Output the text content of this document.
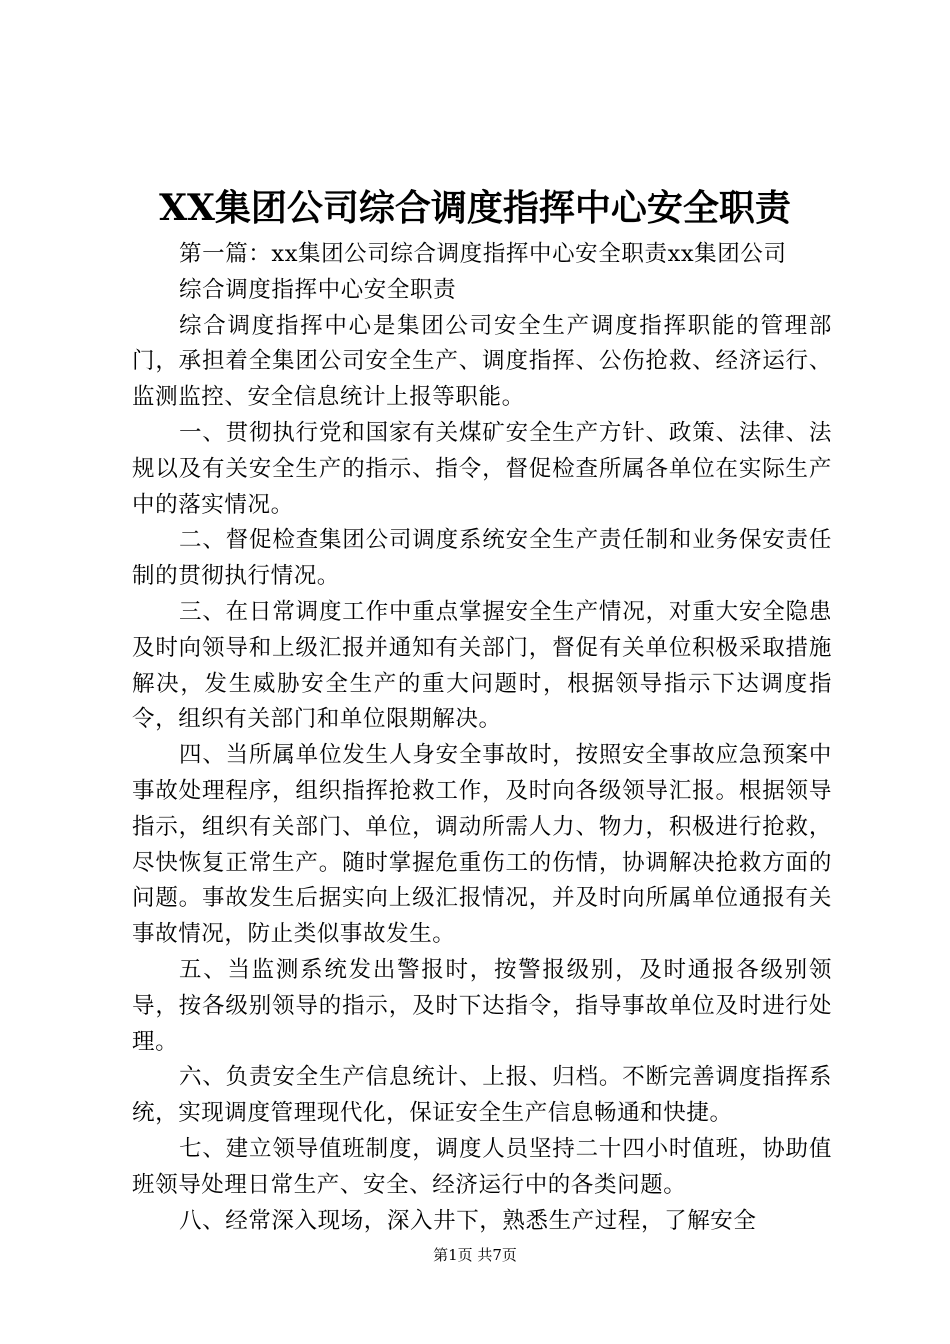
XX集团公司综合调度指挥中心安全职责

第一篇：xx集团公司综合调度指挥中心安全职责xx集团公司

综合调度指挥中心安全职责

综合调度指挥中心是集团公司安全生产调度指挥职能的管理部门，承担着全集团公司安全生产、调度指挥、公伤抢救、经济运行、监测监控、安全信息统计上报等职能。

一、贯彻执行党和国家有关煤矿安全生产方针、政策、法律、法规以及有关安全生产的指示、指令，督促检查所属各单位在实际生产中的落实情况。

二、督促检查集团公司调度系统安全生产责任制和业务保安责任制的贯彻执行情况。

三、在日常调度工作中重点掌握安全生产情况，对重大安全隐患及时向领导和上级汇报并通知有关部门，督促有关单位积极采取措施解决，发生威胁安全生产的重大问题时，根据领导指示下达调度指令，组织有关部门和单位限期解决。

四、当所属单位发生人身安全事故时，按照安全事故应急预案中事故处理程序，组织指挥抢救工作，及时向各级领导汇报。根据领导指示，组织有关部门、单位，调动所需人力、物力，积极进行抢救，尽快恢复正常生产。随时掌握危重伤工的伤情，协调解决抢救方面的问题。事故发生后据实向上级汇报情况，并及时向所属单位通报有关事故情况，防止类似事故发生。

五、当监测系统发出警报时，按警报级别，及时通报各级别领导，按各级别领导的指示，及时下达指令，指导事故单位及时进行处理。

六、负责安全生产信息统计、上报、归档。不断完善调度指挥系统，实现调度管理现代化，保证安全生产信息畅通和快捷。

七、建立领导值班制度，调度人员坚持二十四小时值班，协助值班领导处理日常生产、安全、经济运行中的各类问题。

八、经常深入现场，深入井下，熟悉生产过程，了解安全

第1页 共7页
